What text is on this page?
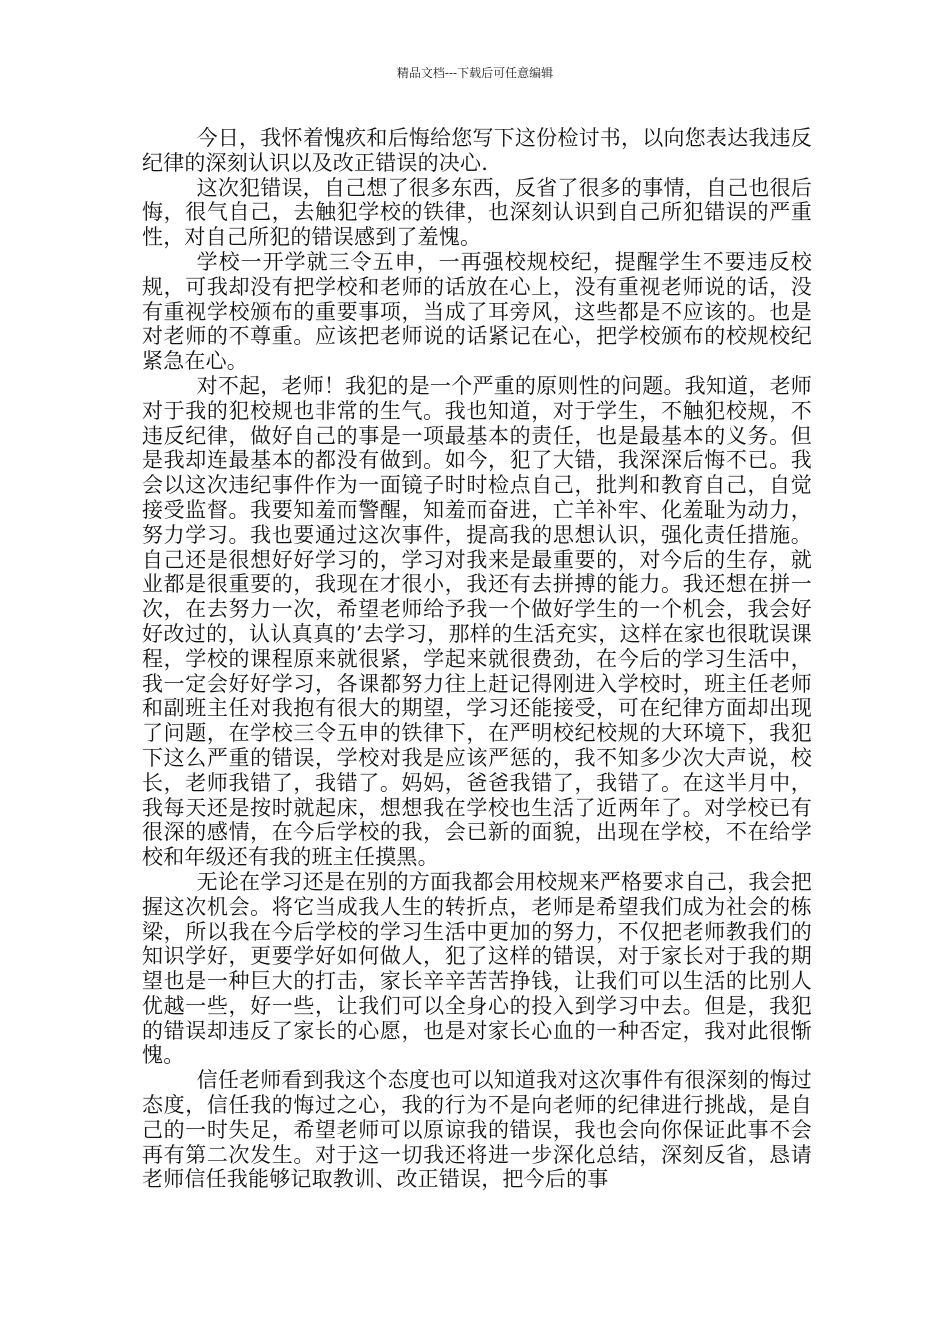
精品文档---下载后可任意编辑

今日，我怀着愧疚和后悔给您写下这份检讨书，以向您表达我违反纪律的深刻认识以及改正错误的决心.

这次犯错误，自己想了很多东西，反省了很多的事情，自己也很后悔，很气自己，去触犯学校的铁律，也深刻认识到自己所犯错误的严重性，对自己所犯的错误感到了羞愧。

学校一开学就三令五申，一再强校规校纪，提醒学生不要违反校规，可我却没有把学校和老师的话放在心上，没有重视老师说的话，没有重视学校颁布的重要事项，当成了耳旁风，这些都是不应该的。也是对老师的不尊重。应该把老师说的话紧记在心，把学校颁布的校规校纪紧急在心。

对不起，老师！我犯的是一个严重的原则性的问题。我知道，老师对于我的犯校规也非常的生气。我也知道，对于学生，不触犯校规，不违反纪律，做好自己的事是一项最基本的责任，也是最基本的义务。但是我却连最基本的都没有做到。如今，犯了大错，我深深后悔不已。我会以这次违纪事件作为一面镜子时时检点自己，批判和教育自己，自觉接受监督。我要知羞而警醒，知羞而奋进，亡羊补牢、化羞耻为动力，努力学习。我也要通过这次事件，提高我的思想认识，强化责任措施。自己还是很想好好学习的，学习对我来是最重要的，对今后的生存，就业都是很重要的，我现在才很小，我还有去拼搏的能力。我还想在拼一次，在去努力一次，希望老师给予我一个做好学生的一个机会，我会好好改过的，认认真真的’去学习，那样的生活充实，这样在家也很耽误课程，学校的课程原来就很紧，学起来就很费劲，在今后的学习生活中，我一定会好好学习，各课都努力往上赶记得刚进入学校时，班主任老师和副班主任对我抱有很大的期望，学习还能接受，可在纪律方面却出现了问题，在学校三令五申的铁律下，在严明校纪校规的大环境下，我犯下这么严重的错误，学校对我是应该严惩的，我不知多少次大声说，校长，老师我错了，我错了。妈妈，爸爸我错了，我错了。在这半月中，我每天还是按时就起床，想想我在学校也生活了近两年了。对学校已有很深的感情，在今后学校的我，会已新的面貌，出现在学校，不在给学校和年级还有我的班主任摸黑。

无论在学习还是在别的方面我都会用校规来严格要求自己，我会把握这次机会。将它当成我人生的转折点，老师是希望我们成为社会的栋梁，所以我在今后学校的学习生活中更加的努力，不仅把老师教我们的知识学好，更要学好如何做人，犯了这样的错误，对于家长对于我的期望也是一种巨大的打击，家长辛辛苦苦挣钱，让我们可以生活的比别人优越一些，好一些，让我们可以全身心的投入到学习中去。但是，我犯的错误却违反了家长的心愿，也是对家长心血的一种否定，我对此很惭愧。

信任老师看到我这个态度也可以知道我对这次事件有很深刻的悔过态度，信任我的悔过之心，我的行为不是向老师的纪律进行挑战，是自己的一时失足，希望老师可以原谅我的错误，我也会向你保证此事不会再有第二次发生。对于这一切我还将进一步深化总结，深刻反省，恳请老师信任我能够记取教训、改正错误，把今后的事
